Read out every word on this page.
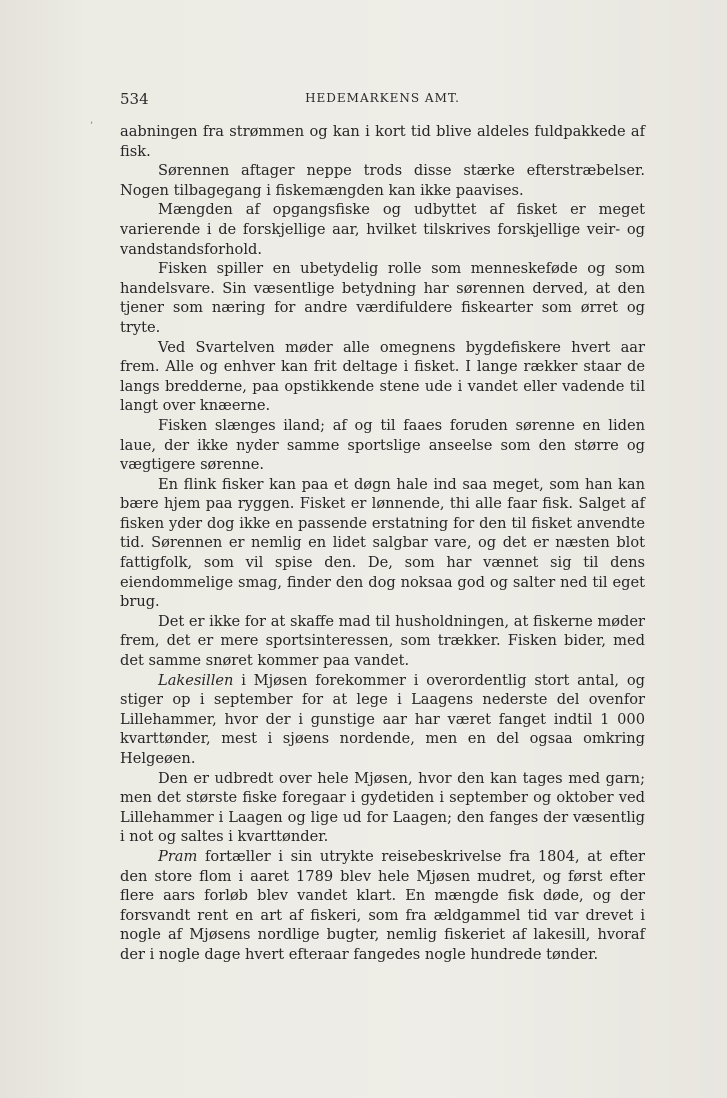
534	HEDEMARKENS AMT.
,

aabningen fra strømmen og kan i kort tid blive aldeles fuldpakkede af fisk.

Sørennen aftager neppe trods disse stærke efterstræbelser. Nogen tilbagegang i fiskemængden kan ikke paavises.

Mængden af opgangsfiske og udbyttet af fisket er meget varierende i de forskjellige aar, hvilket tilskrives forskjellige veir- og vandstandsforhold.

Fisken spiller en ubetydelig rolle som menneskeføde og som handelsvare. Sin væsentlige betydning har sørennen derved, at den tjener som næring for andre værdifuldere fiskearter som ørret og tryte.

Ved Svartelven møder alle omegnens bygdefiskere hvert aar frem. Alle og enhver kan frit deltage i fisket. I lange rækker staar de langs bredderne, paa opstikkende stene ude i vandet eller vadende til langt over knæerne.

Fisken slænges iland; af og til faaes foruden sørenne en liden laue, der ikke nyder samme sportslige anseelse som den større og vægtigere sørenne.

En flink fisker kan paa et døgn hale ind saa meget, som han kan bære hjem paa ryggen. Fisket er lønnende, thi alle faar fisk. Salget af fisken yder dog ikke en passende erstatning for den til fisket anvendte tid. Sørennen er nemlig en lidet salgbar vare, og det er næsten blot fattigfolk, som vil spise den. De, som har vænnet sig til dens eiendommelige smag, finder den dog noksaa god og salter ned til eget brug.

Det er ikke for at skaffe mad til husholdningen, at fiskerne møder frem, det er mere sportsinteressen, som trækker. Fisken bider, med det samme snøret kommer paa vandet.

Lakesillen i Mjøsen forekommer i overordentlig stort antal, og stiger op i september for at lege i Laagens nederste del ovenfor Lillehammer, hvor der i gunstige aar har været fanget indtil 1 000 kvarttønder, mest i sjøens nordende, men en del ogsaa omkring Helgeøen.

Den er udbredt over hele Mjøsen, hvor den kan tages med garn; men det største fiske foregaar i gydetiden i september og oktober ved Lillehammer i Laagen og lige ud for Laagen; den fanges der væsentlig i not og saltes i kvarttønder.

Pram fortæller i sin utrykte reisebeskrivelse fra 1804, at efter den store flom i aaret 1789 blev hele Mjøsen mudret, og først efter flere aars forløb blev vandet klart. En mængde fisk døde, og der forsvandt rent en art af fiskeri, som fra ældgammel tid var drevet i nogle af Mjøsens nordlige bugter, nemlig fiskeriet af lakesill, hvoraf der i nogle dage hvert efteraar fangedes nogle hundrede tønder.
